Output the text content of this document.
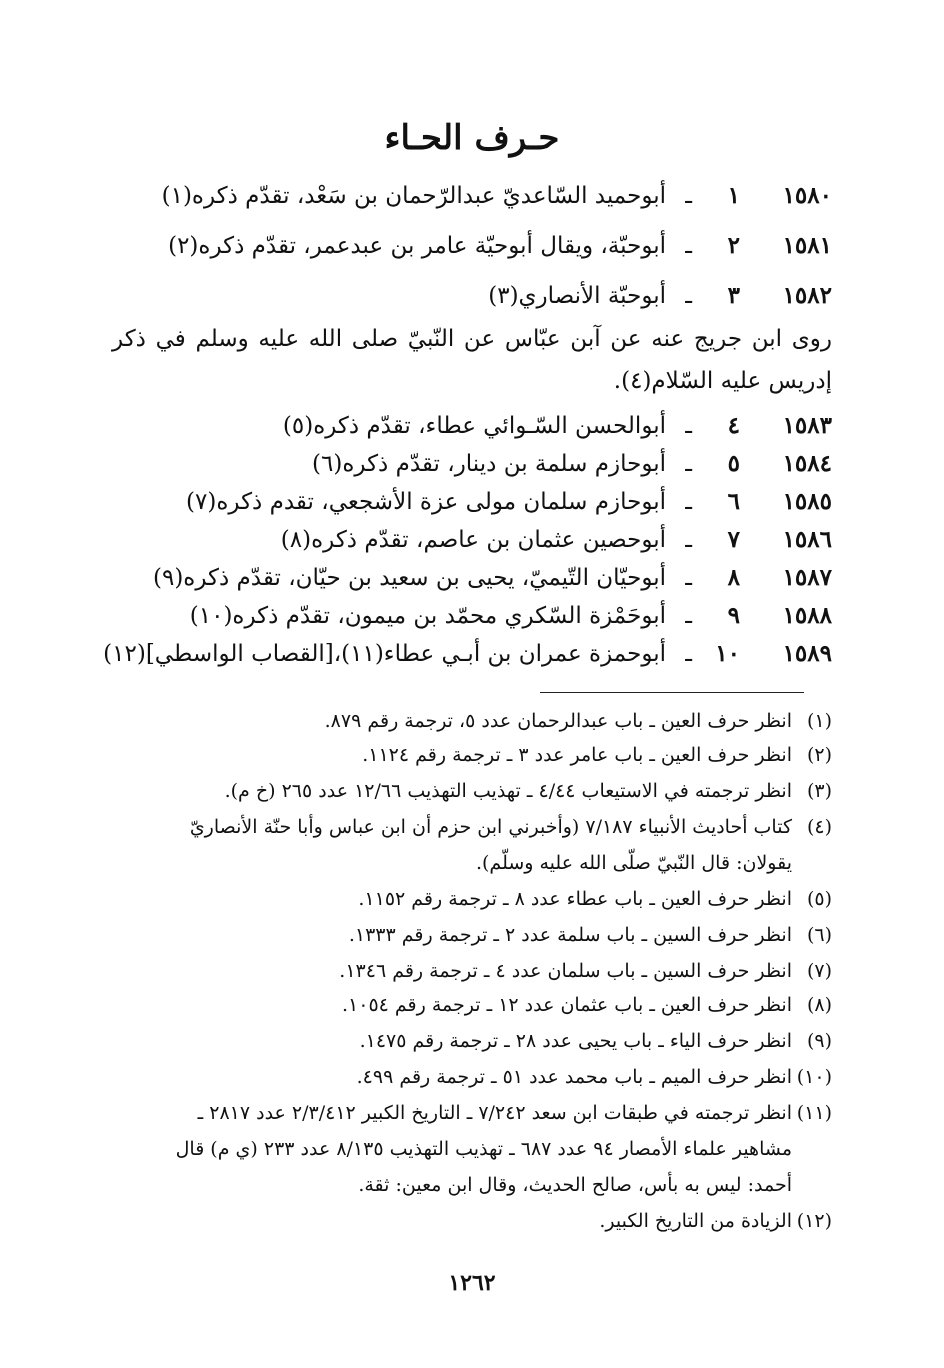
حـرف الحـاء
١٥٨٠١ـأبوحميد السّاعديّ عبدالرّحمان بن سَعْد، تقدّم ذكره(١)
١٥٨١٢ـأبوحبّة، ويقال أبوحيّة عامر بن عبدعمر، تقدّم ذكره(٢)
١٥٨٢٣ـأبوحبّة الأنصاري(٣)
روى ابن جريج عنه عن آبن عبّاس عن النّبيّ صلى الله عليه وسلم في ذكر إدريس عليه السّلام(٤).
١٥٨٣٤ـأبوالحسن السّـوائي عطاء، تقدّم ذكره(٥)
١٥٨٤٥ـأبوحازم سلمة بن دينار، تقدّم ذكره(٦)
١٥٨٥٦ـأبوحازم سلمان مولى عزة الأشجعي، تقدم ذكره(٧)
١٥٨٦٧ـأبوحصين عثمان بن عاصم، تقدّم ذكره(٨)
١٥٨٧٨ـأبوحيّان التّيميّ، يحيى بن سعيد بن حيّان، تقدّم ذكره(٩)
١٥٨٨٩ـأبوحَمْزة السّكري محمّد بن ميمون، تقدّم ذكره(١٠)
١٥٨٩١٠ـأبوحمزة عمران بن أبـي عطاء(١١)،[القصاب الواسطي](١٢)
(١)انظر حرف العين ـ باب عبدالرحمان عدد ٥، ترجمة رقم ٨٧٩.
(٢)انظر حرف العين ـ باب عامر عدد ٣ ـ ترجمة رقم ١١٢٤.
(٣)انظر ترجمته في الاستيعاب ٤/٤٤ ـ تهذيب التهذيب ١٢/٦٦ عدد ٢٦٥ (خ م).
(٤)كتاب أحاديث الأنبياء ٧/١٨٧ (وأخبرني ابن حزم أن ابن عباس وأبا حنّة الأنصاريّ
يقولان: قال النّبيّ صلّى الله عليه وسلّم).
(٥)انظر حرف العين ـ باب عطاء عدد ٨ ـ ترجمة رقم ١١٥٢.
(٦)انظر حرف السين ـ باب سلمة عدد ٢ ـ ترجمة رقم ١٣٣٣.
(٧)انظر حرف السين ـ باب سلمان عدد ٤ ـ ترجمة رقم ١٣٤٦.
(٨)انظر حرف العين ـ باب عثمان عدد ١٢ ـ ترجمة رقم ١٠٥٤.
(٩)انظر حرف الياء ـ باب يحيى عدد ٢٨ ـ ترجمة رقم ١٤٧٥.
(١٠)انظر حرف الميم ـ باب محمد عدد ٥١ ـ ترجمة رقم ٤٩٩.
(١١)انظر ترجمته في طبقات ابن سعد ٧/٢٤٢ ـ التاريخ الكبير ٢/٣/٤١٢ عدد ٢٨١٧ ـ
مشاهير علماء الأمصار ٩٤ عدد ٦٨٧ ـ تهذيب التهذيب ٨/١٣٥ عدد ٢٣٣ (ي م) قال
أحمد: ليس به بأس، صالح الحديث، وقال ابن معين: ثقة.
(١٢)الزيادة من التاريخ الكبير.
١٢٦٢
